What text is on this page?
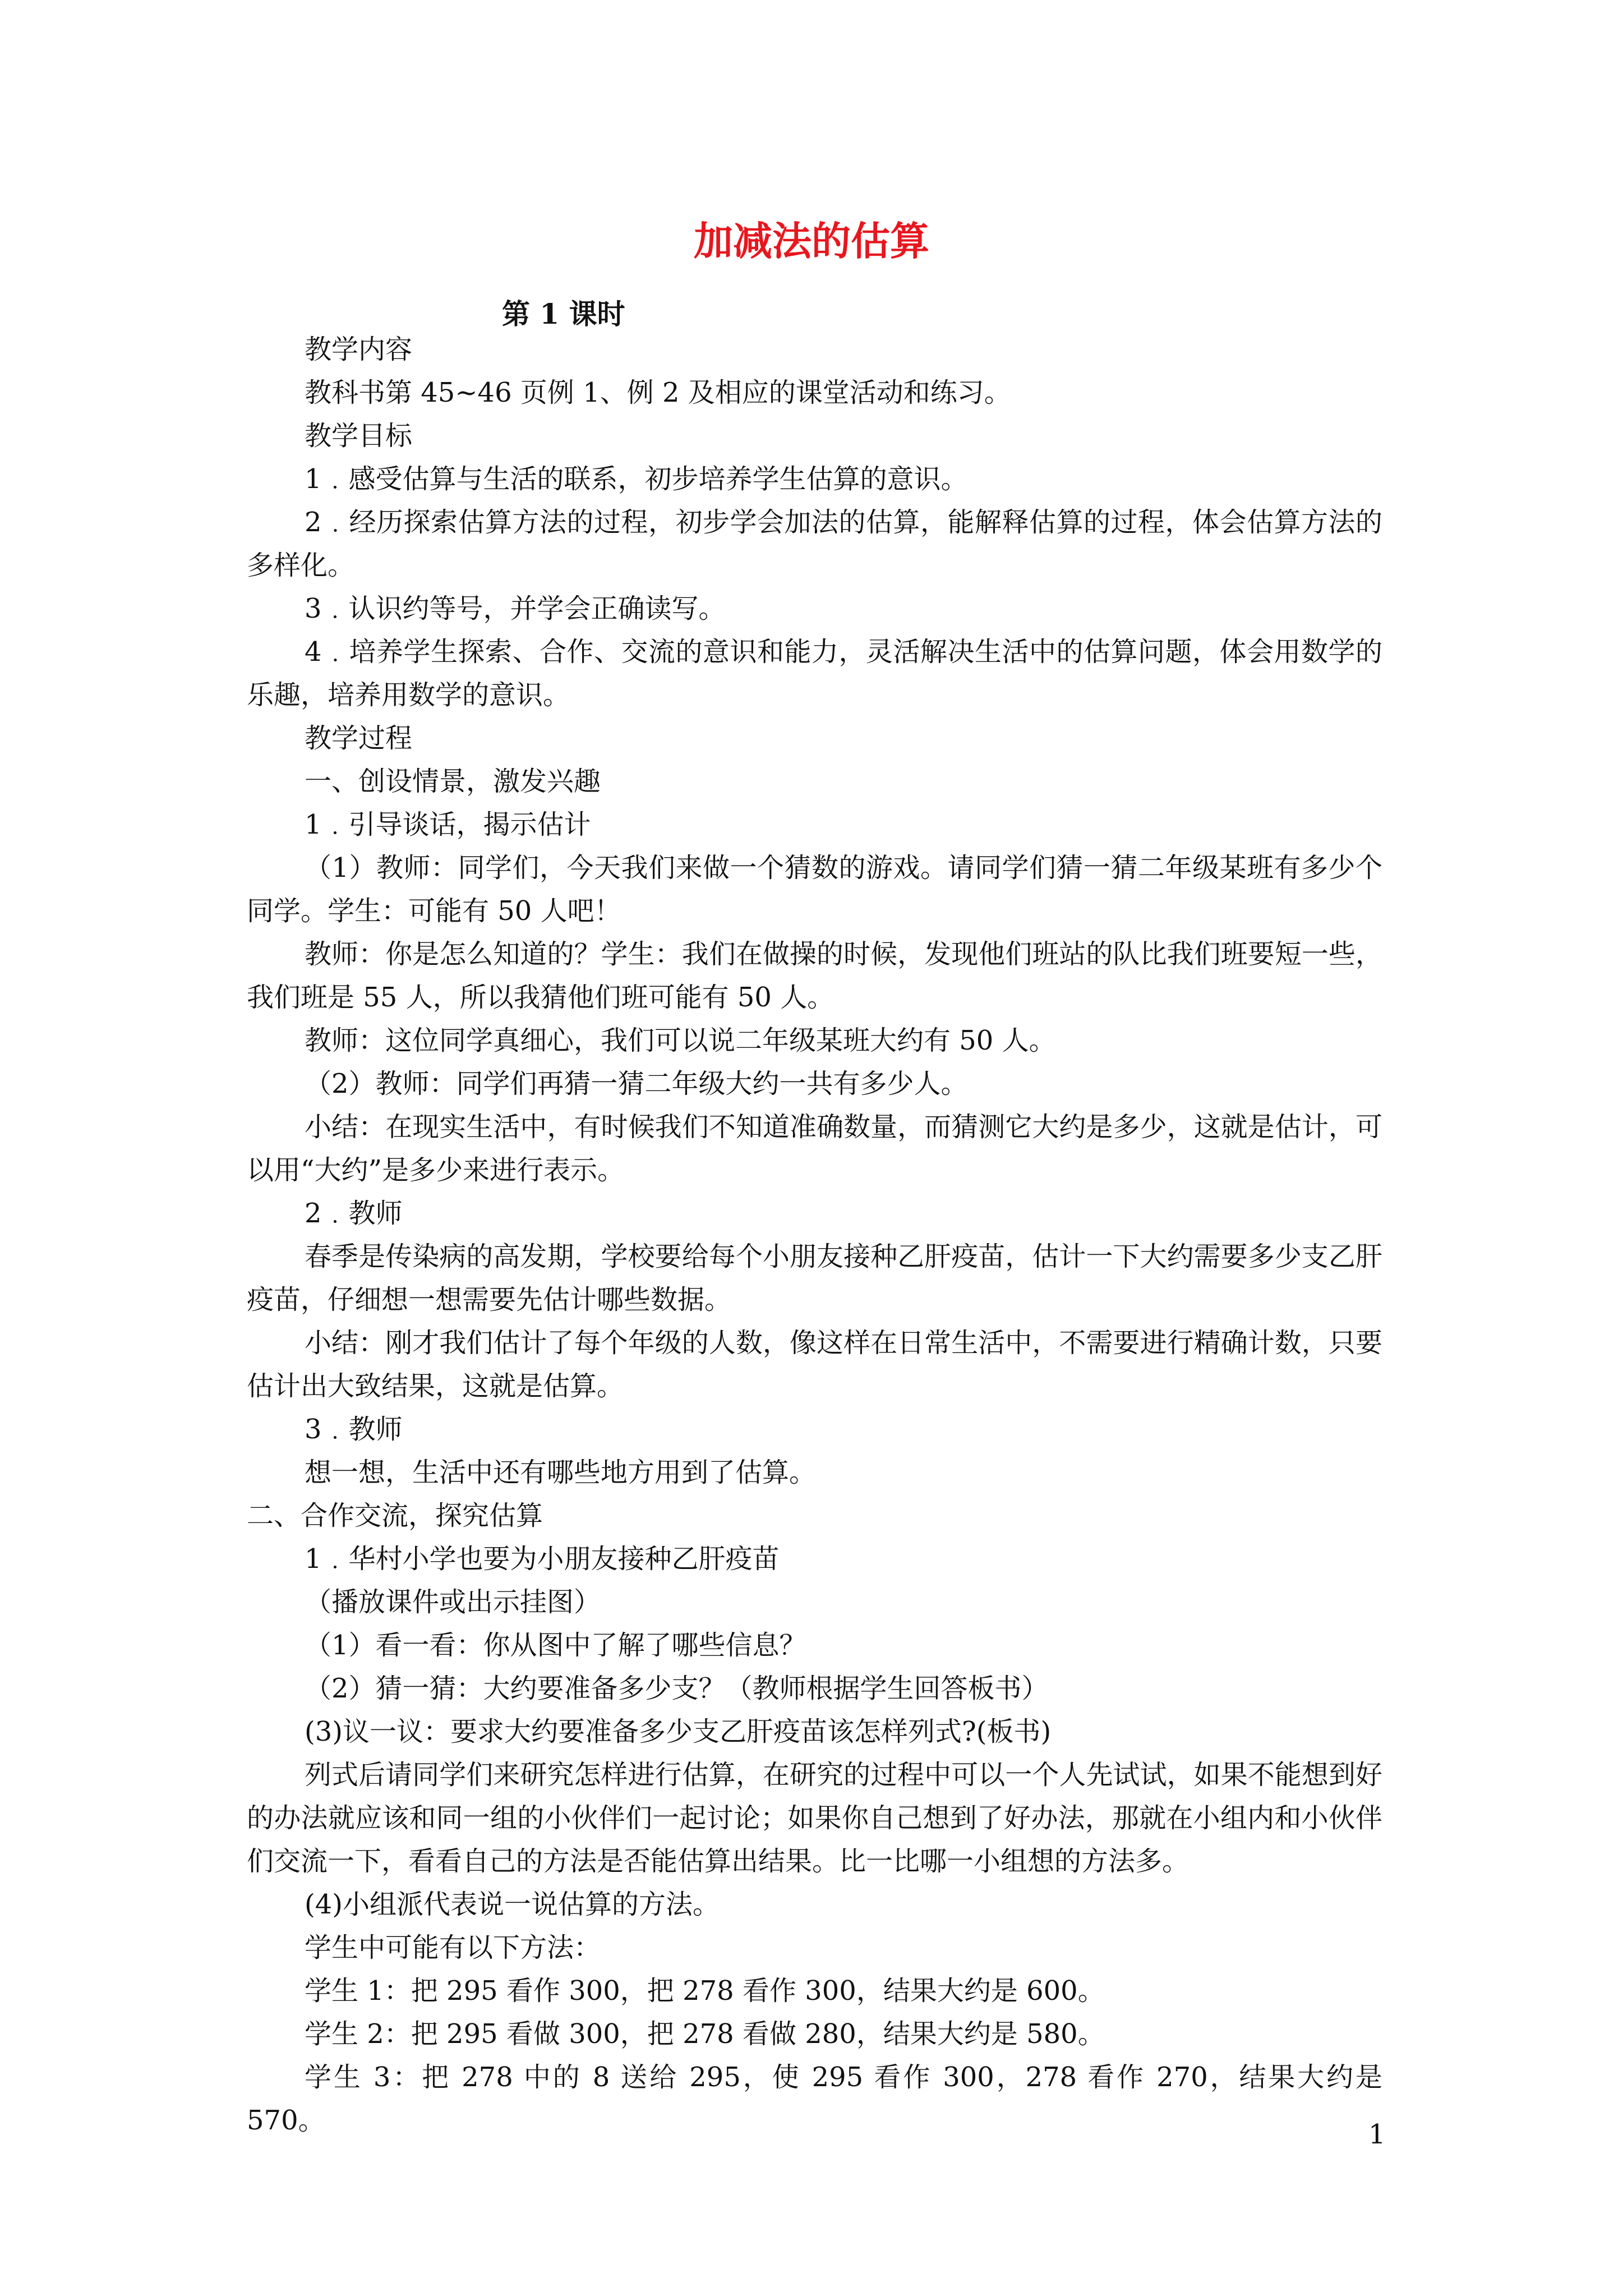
加减法的估算
第 1 课时

教学内容

教科书第 45~46 页例 1、例 2 及相应的课堂活动和练习。

教学目标

1﹒感受估算与生活的联系，初步培养学生估算的意识。

2﹒经历探索估算方法的过程，初步学会加法的估算，能解释估算的过程，体会估算方法的多样化。

3﹒认识约等号，并学会正确读写。

4﹒培养学生探索、合作、交流的意识和能力，灵活解决生活中的估算问题，体会用数学的乐趣，培养用数学的意识。

教学过程

一、创设情景，激发兴趣

1﹒引导谈话，揭示估计

（1）教师：同学们，今天我们来做一个猜数的游戏。请同学们猜一猜二年级某班有多少个同学。学生：可能有 50 人吧！

教师：你是怎么知道的？学生：我们在做操的时候，发现他们班站的队比我们班要短一些，我们班是 55 人，所以我猜他们班可能有 50 人。

教师：这位同学真细心，我们可以说二年级某班大约有 50 人。

（2）教师：同学们再猜一猜二年级大约一共有多少人。

小结：在现实生活中，有时候我们不知道准确数量，而猜测它大约是多少，这就是估计，可以用“大约”是多少来进行表示。

2﹒教师

春季是传染病的高发期，学校要给每个小朋友接种乙肝疫苗，估计一下大约需要多少支乙肝疫苗，仔细想一想需要先估计哪些数据。

小结：刚才我们估计了每个年级的人数，像这样在日常生活中，不需要进行精确计数，只要估计出大致结果，这就是估算。

3﹒教师

想一想，生活中还有哪些地方用到了估算。

二、合作交流，探究估算

1﹒华村小学也要为小朋友接种乙肝疫苗

（播放课件或出示挂图）

（1）看一看：你从图中了解了哪些信息？

（2）猜一猜：大约要准备多少支？（教师根据学生回答板书）

(3)议一议：要求大约要准备多少支乙肝疫苗该怎样列式?(板书)

列式后请同学们来研究怎样进行估算，在研究的过程中可以一个人先试试，如果不能想到好的办法就应该和同一组的小伙伴们一起讨论；如果你自己想到了好办法，那就在小组内和小伙伴们交流一下，看看自己的方法是否能估算出结果。比一比哪一小组想的方法多。

(4)小组派代表说一说估算的方法。

学生中可能有以下方法：

学生 1：把 295 看作 300，把 278 看作 300，结果大约是 600。

学生 2：把 295 看做 300，把 278 看做 280，结果大约是 580。

学生 3：把 278 中的 8 送给 295，使 295 看作 300，278 看作 270，结果大约是 570。	1
